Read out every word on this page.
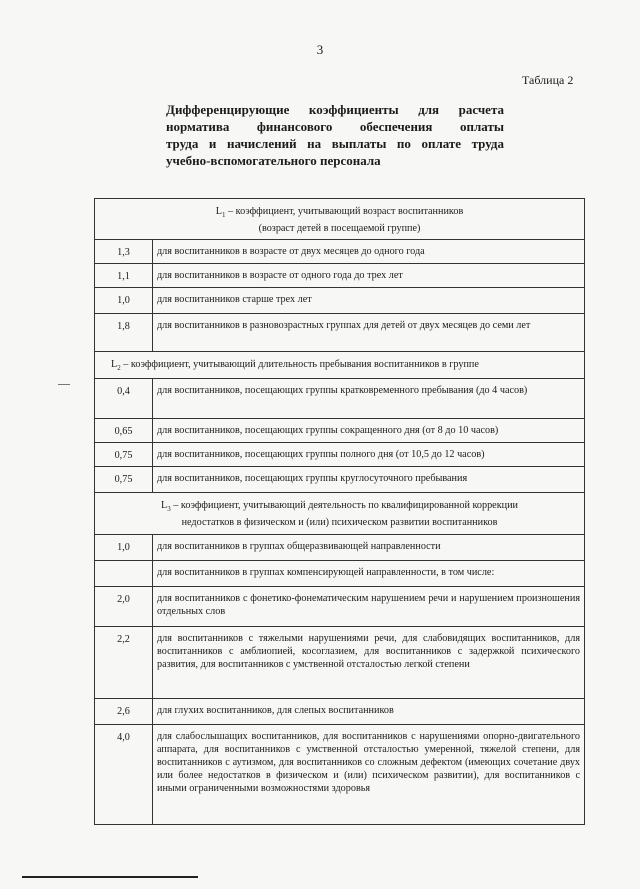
3
Таблица 2
Дифференцирующие коэффициенты для расчета
норматива финансового обеспечения оплаты
труда и начислений на выплаты по оплате труда
учебно-вспомогательного персонала
$L_1$ – коэффициент, учитывающий возраст воспитанников
(возраст детей в посещаемой группе)	
1,3	для воспитанников в возрасте от двух месяцев до одного года
1,1	для воспитанников в возрасте от одного года до трех лет
1,0	для воспитанников старше трех лет
1,8	для воспитанников в разновозрастных группах для детей от двух месяцев до семи лет
$L_2$ – коэффициент, учитывающий длительность пребывания воспитанников в группе	
0,4	для воспитанников, посещающих группы кратковременного пребывания (до 4 часов)
0,65	для воспитанников, посещающих группы сокращенного дня (от 8 до 10 часов)
0,75	для воспитанников, посещающих группы полного дня (от 10,5 до 12 часов)
0,75	для воспитанников, посещающих группы круглосуточного пребывания
$L_3$ – коэффициент, учитывающий деятельность по квалифицированной коррекции
недостатков в физическом и (или) психическом развитии воспитанников	
1,0	для воспитанников в группах общеразвивающей направленности
	для воспитанников в группах компенсирующей направленности, в том числе:
2,0	для воспитанников с фонетико-фонематическим нарушением речи и нарушением произношения отдельных слов
2,2	для воспитанников с тяжелыми нарушениями речи, для слабовидящих воспитанников, для воспитанников с амблиопией, косоглазием, для воспитанников с задержкой психического развития, для воспитанников с умственной отсталостью легкой степени
2,6	для глухих воспитанников, для слепых воспитанников
4,0	для слабослышащих воспитанников, для воспитанников с нарушениями опорно-двигательного аппарата, для воспитанников с умственной отсталостью умеренной, тяжелой степени, для воспитанников с аутизмом, для воспитанников со сложным дефектом (имеющих сочетание двух или более недостатков в физическом и (или) психическом развитии), для воспитанников с иными ограниченными возможностями здоровья
